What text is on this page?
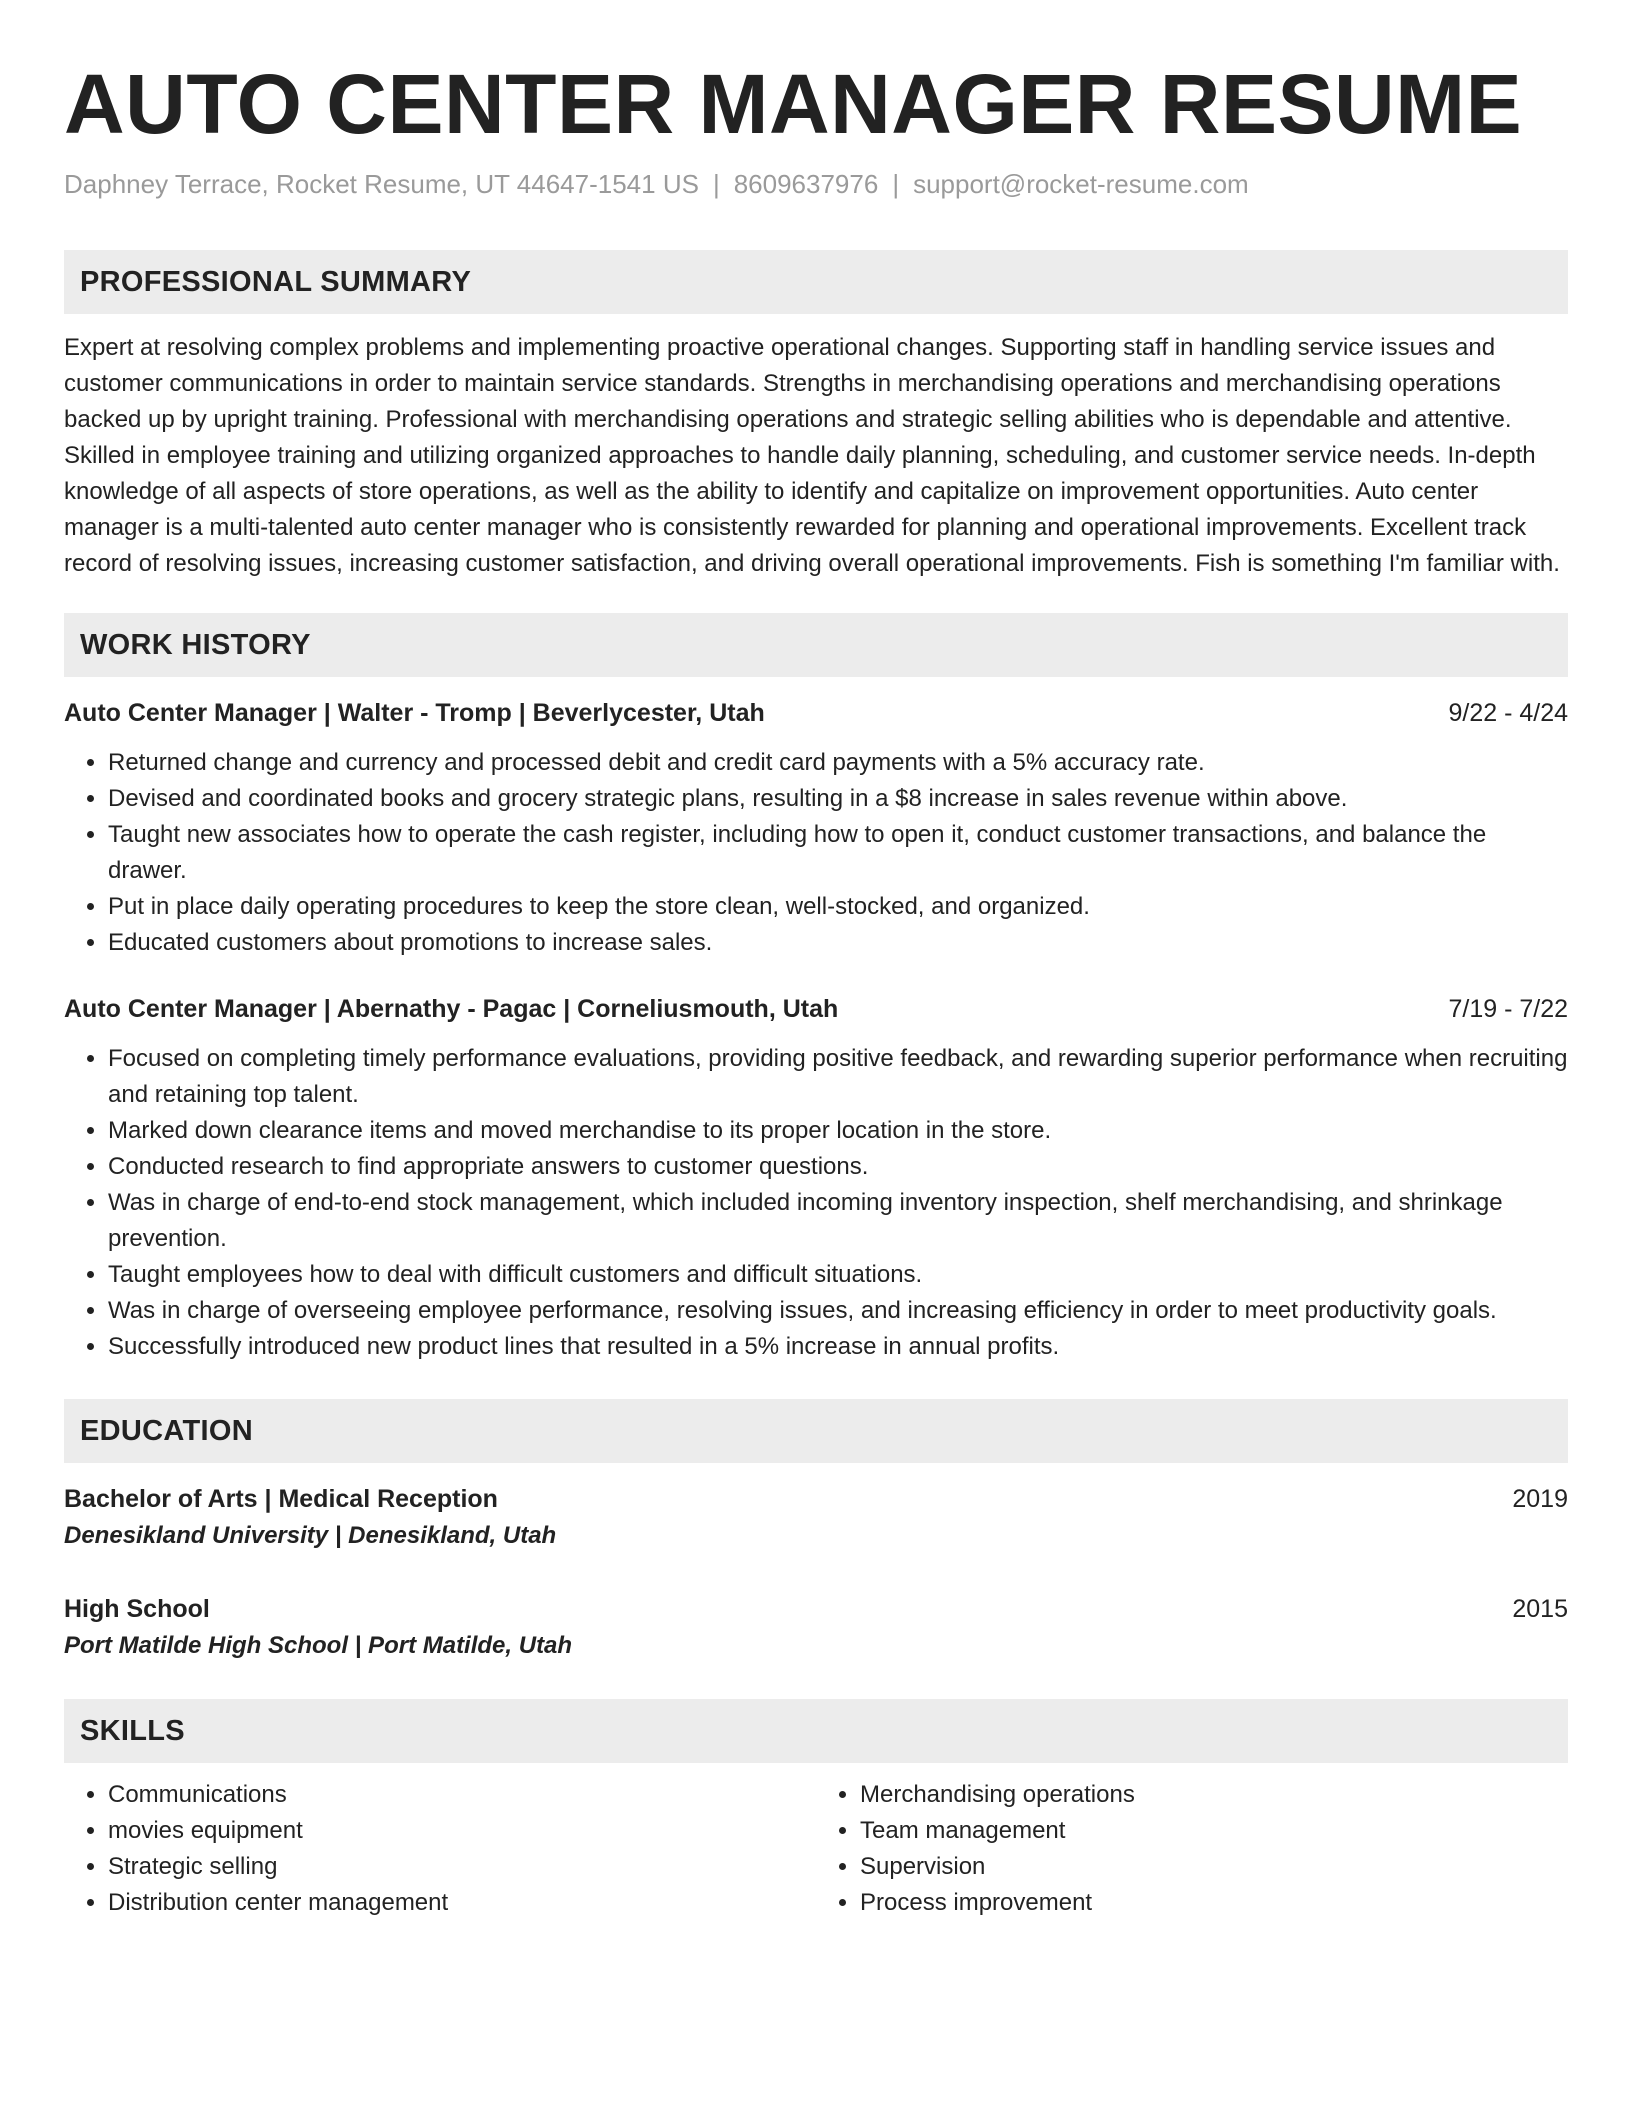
AUTO CENTER MANAGER RESUME
Daphney Terrace, Rocket Resume, UT 44647-1541 US | 8609637976 | support@rocket-resume.com
PROFESSIONAL SUMMARY
Expert at resolving complex problems and implementing proactive operational changes. Supporting staff in handling service issues and customer communications in order to maintain service standards. Strengths in merchandising operations and merchandising operations backed up by upright training. Professional with merchandising operations and strategic selling abilities who is dependable and attentive. Skilled in employee training and utilizing organized approaches to handle daily planning, scheduling, and customer service needs. In-depth knowledge of all aspects of store operations, as well as the ability to identify and capitalize on improvement opportunities. Auto center manager is a multi-talented auto center manager who is consistently rewarded for planning and operational improvements. Excellent track record of resolving issues, increasing customer satisfaction, and driving overall operational improvements. Fish is something I'm familiar with.
WORK HISTORY
Auto Center Manager | Walter - Tromp | Beverlycester, Utah	9/22 - 4/24
• Returned change and currency and processed debit and credit card payments with a 5% accuracy rate.
• Devised and coordinated books and grocery strategic plans, resulting in a $8 increase in sales revenue within above.
• Taught new associates how to operate the cash register, including how to open it, conduct customer transactions, and balance the drawer.
• Put in place daily operating procedures to keep the store clean, well-stocked, and organized.
• Educated customers about promotions to increase sales.
Auto Center Manager | Abernathy - Pagac | Corneliusmouth, Utah	7/19 - 7/22
• Focused on completing timely performance evaluations, providing positive feedback, and rewarding superior performance when recruiting and retaining top talent.
• Marked down clearance items and moved merchandise to its proper location in the store.
• Conducted research to find appropriate answers to customer questions.
• Was in charge of end-to-end stock management, which included incoming inventory inspection, shelf merchandising, and shrinkage prevention.
• Taught employees how to deal with difficult customers and difficult situations.
• Was in charge of overseeing employee performance, resolving issues, and increasing efficiency in order to meet productivity goals.
• Successfully introduced new product lines that resulted in a 5% increase in annual profits.
EDUCATION
Bachelor of Arts | Medical Reception	2019
Denesikland University | Denesikland, Utah
High School	2015
Port Matilde High School | Port Matilde, Utah
SKILLS
• Communications
• movies equipment
• Strategic selling
• Distribution center management
• Merchandising operations
• Team management
• Supervision
• Process improvement
